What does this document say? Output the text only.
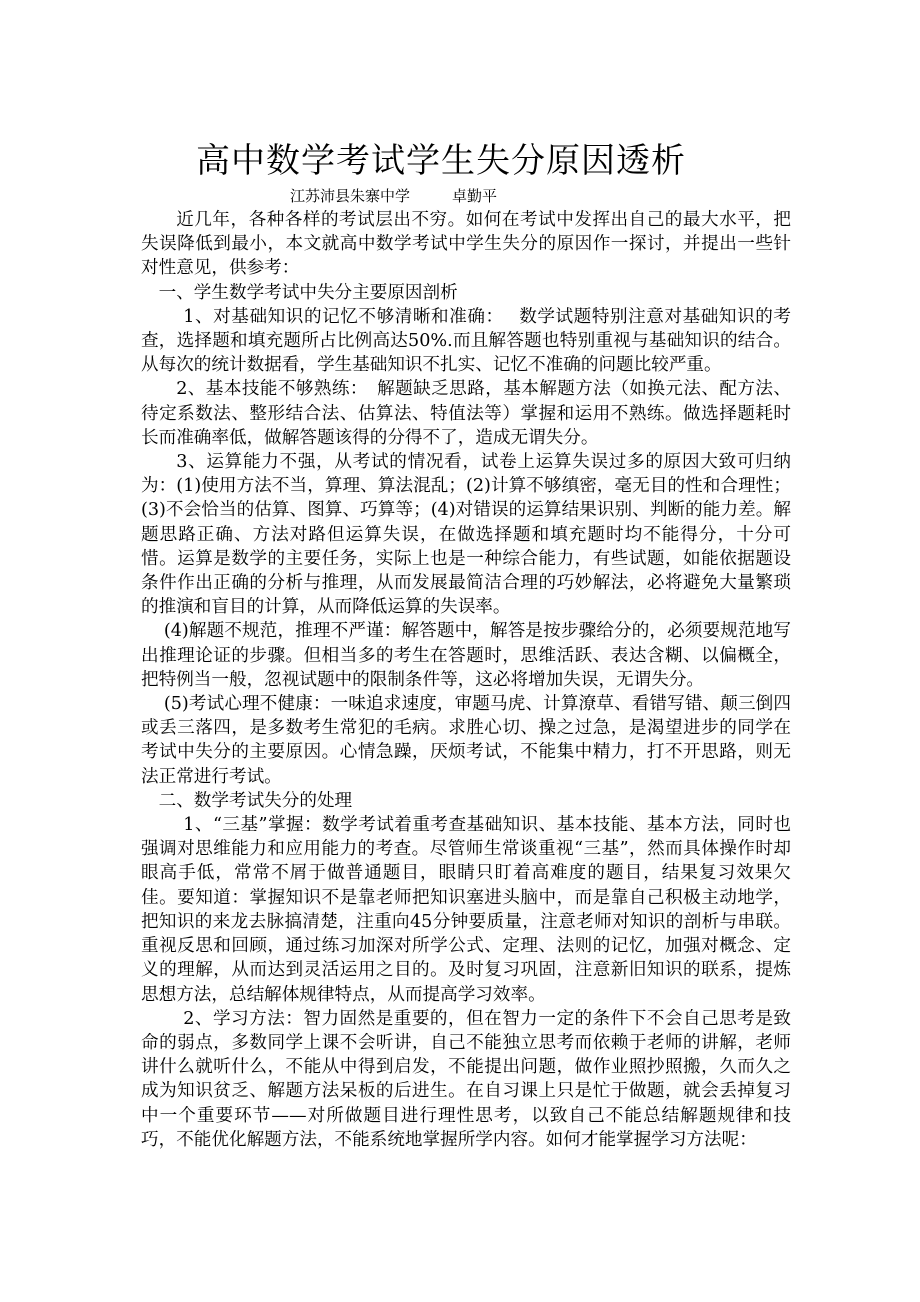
高中数学考试学生失分原因透析
江苏沛县朱寨中学	卓勤平

近几年，各种各样的考试层出不穷。如何在考试中发挥出自己的最大水平，把失误降低到最小，本文就高中数学考试中学生失分的原因作一探讨，并提出一些针对性意见，供参考：

一、学生数学考试中失分主要原因剖析

1、对基础知识的记忆不够清晰和准确：　 数学试题特别注意对基础知识的考查，选择题和填充题所占比例高达50%.而且解答题也特别重视与基础知识的结合。从每次的统计数据看，学生基础知识不扎实、记忆不准确的问题比较严重。

2、基本技能不够熟练：　解题缺乏思路，基本解题方法（如换元法、配方法、待定系数法、整形结合法、估算法、特值法等）掌握和运用不熟练。做选择题耗时长而准确率低，做解答题该得的分得不了，造成无谓失分。

3、运算能力不强，从考试的情况看，试卷上运算失误过多的原因大致可归纳为：(1)使用方法不当，算理、算法混乱；(2)计算不够缜密，毫无目的性和合理性；(3)不会恰当的估算、图算、巧算等；(4)对错误的运算结果识别、判断的能力差。解题思路正确、方法对路但运算失误，在做选择题和填充题时均不能得分，十分可惜。运算是数学的主要任务，实际上也是一种综合能力，有些试题，如能依据题设条件作出正确的分析与推理，从而发展最简洁合理的巧妙解法，必将避免大量繁琐的推演和盲目的计算，从而降低运算的失误率。

(4)解题不规范，推理不严谨：解答题中，解答是按步骤给分的，必须要规范地写出推理论证的步骤。但相当多的考生在答题时，思维活跃、表达含糊、以偏概全，把特例当一般，忽视试题中的限制条件等，这必将增加失误，无谓失分。

(5)考试心理不健康：一味追求速度，审题马虎、计算潦草、看错写错、颠三倒四或丢三落四，是多数考生常犯的毛病。求胜心切、操之过急，是渴望进步的同学在考试中失分的主要原因。心情急躁，厌烦考试，不能集中精力，打不开思路，则无法正常进行考试。

二、数学考试失分的处理

1、“三基”掌握：数学考试着重考查基础知识、基本技能、基本方法，同时也强调对思维能力和应用能力的考查。尽管师生常谈重视“三基”，然而具体操作时却眼高手低，常常不屑于做普通题目，眼睛只盯着高难度的题目，结果复习效果欠佳。要知道：掌握知识不是靠老师把知识塞进头脑中，而是靠自己积极主动地学，把知识的来龙去脉搞清楚，注重向45分钟要质量，注意老师对知识的剖析与串联。重视反思和回顾，通过练习加深对所学公式、定理、法则的记忆，加强对概念、定义的理解，从而达到灵活运用之目的。及时复习巩固，注意新旧知识的联系，提炼思想方法，总结解体规律特点，从而提高学习效率。

2、学习方法：智力固然是重要的，但在智力一定的条件下不会自己思考是致命的弱点，多数同学上课不会听讲，自己不能独立思考而依赖于老师的讲解，老师讲什么就听什么，不能从中得到启发，不能提出问题，做作业照抄照搬，久而久之成为知识贫乏、解题方法呆板的后进生。在自习课上只是忙于做题，就会丢掉复习中一个重要环节——对所做题目进行理性思考，以致自己不能总结解题规律和技巧，不能优化解题方法，不能系统地掌握所学内容。如何才能掌握学习方法呢：
